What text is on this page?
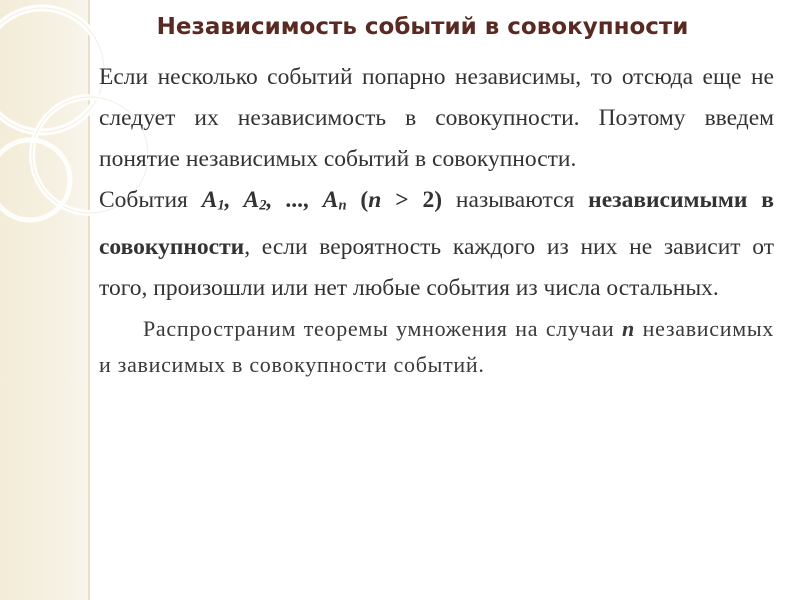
Независимость событий в совокупности

Если несколько событий попарно независимы, то отсюда еще не следует их независимость в совокупности. Поэтому введем понятие независимых событий в совокупности.

События A1, A2, ..., An (n > 2) называются независимыми в совокупности, если вероятность каждого из них не зависит от того, произошли или нет любые события из числа остальных.

Распространим теоремы умножения на случаи n независимых и зависимых в совокупности событий.
